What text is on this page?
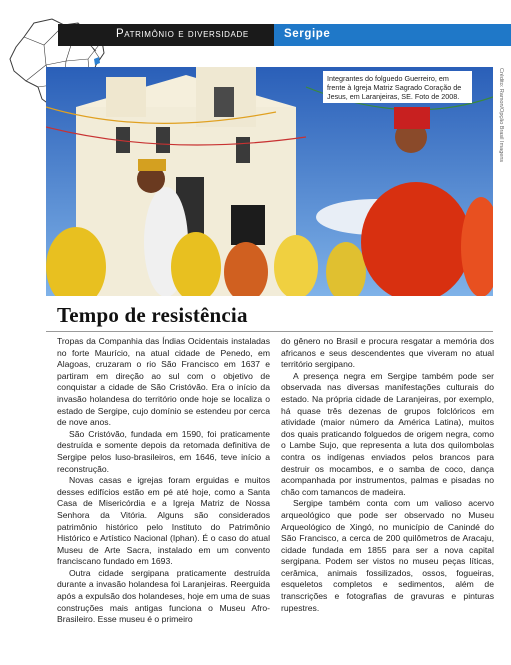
Patrimônio e diversidade	Sergipe
Integrantes do folguedo Guerreiro, em frente à Igreja Matriz Sagrado Coração de Jesus, em Laranjeiras, SE. Foto de 2008.	Crédito: Ramon/Opção Brasil Imagens
Tempo de resistência

Tropas da Companhia das Índias Ocidentais instaladas no forte Maurício, na atual cidade de Penedo, em Alagoas, cruzaram o rio São Francisco em 1637 e partiram em direção ao sul com o objetivo de conquistar a cidade de São Cristóvão. Era o início da invasão holandesa do território onde hoje se localiza o estado de Sergipe, cujo domínio se estendeu por cerca de nove anos.

São Cristóvão, fundada em 1590, foi praticamente destruída e somente depois da retomada definitiva de Sergipe pelos luso-brasileiros, em 1646, teve início a reconstrução.

Novas casas e igrejas foram erguidas e muitos desses edifícios estão em pé até hoje, como a Santa Casa de Misericórdia e a Igreja Matriz de Nossa Senhora da Vitória. Alguns são considerados patrimônio histórico pelo Instituto do Patrimônio Histórico e Artístico Nacional (Iphan). É o caso do atual Museu de Arte Sacra, instalado em um convento franciscano fundado em 1693.

Outra cidade sergipana praticamente destruída durante a invasão holandesa foi Laranjeiras. Reerguida após a expulsão dos holandeses, hoje em uma de suas construções mais antigas funciona o Museu Afro-Brasileiro. Esse museu é o primeiro

do gênero no Brasil e procura resgatar a memória dos africanos e seus descendentes que viveram no atual território sergipano.

A presença negra em Sergipe também pode ser observada nas diversas manifestações culturais do estado. Na própria cidade de Laranjeiras, por exemplo, há quase três dezenas de grupos folclóricos em atividade (maior número da América Latina), muitos dos quais praticando folguedos de origem negra, como o Lambe Sujo, que representa a luta dos quilombolas contra os indígenas enviados pelos brancos para destruir os mocambos, e o samba de coco, dança acompanhada por instrumentos, palmas e pisadas no chão com tamancos de madeira.

Sergipe também conta com um valioso acervo arqueológico que pode ser observado no Museu Arqueológico de Xingó, no município de Canindé do São Francisco, a cerca de 200 quilômetros de Aracaju, cidade fundada em 1855 para ser a nova capital sergipana. Podem ser vistos no museu peças líticas, cerâmica, animais fossilizados, ossos, fogueiras, esqueletos completos e sedimentos, além de transcrições e fotografias de gravuras e pinturas rupestres.
